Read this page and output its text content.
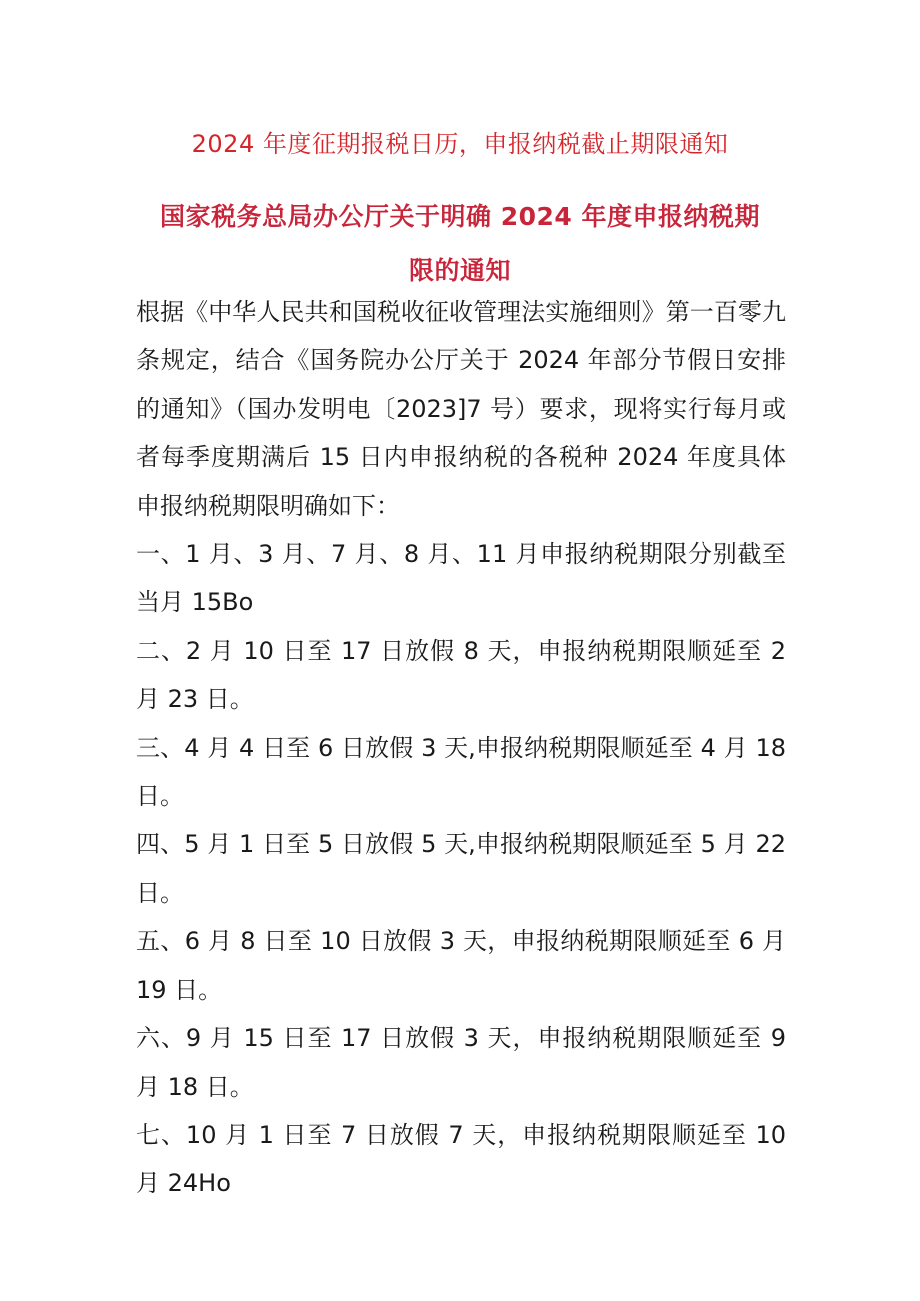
2024 年度征期报税日历，申报纳税截止期限通知
国家税务总局办公厅关于明确 2024 年度申报纳税期限的通知

根据《中华人民共和国税收征收管理法实施细则》第一百零九条规定，结合《国务院办公厅关于 2024 年部分节假日安排的通知》（国办发明电〔2023]7 号）要求，现将实行每月或者每季度期满后 15 日内申报纳税的各税种 2024 年度具体申报纳税期限明确如下：

一、1 月、3 月、7 月、8 月、11 月申报纳税期限分别截至当月 15Bo

二、2 月 10 日至 17 日放假 8 天，申报纳税期限顺延至 2 月 23 日。

三、4 月 4 日至 6 日放假 3 天,申报纳税期限顺延至 4 月 18 日。

四、5 月 1 日至 5 日放假 5 天,申报纳税期限顺延至 5 月 22 日。

五、6 月 8 日至 10 日放假 3 天，申报纳税期限顺延至 6 月 19 日。

六、9 月 15 日至 17 日放假 3 天，申报纳税期限顺延至 9 月 18 日。

七、10 月 1 日至 7 日放假 7 天，申报纳税期限顺延至 10 月 24Ho
